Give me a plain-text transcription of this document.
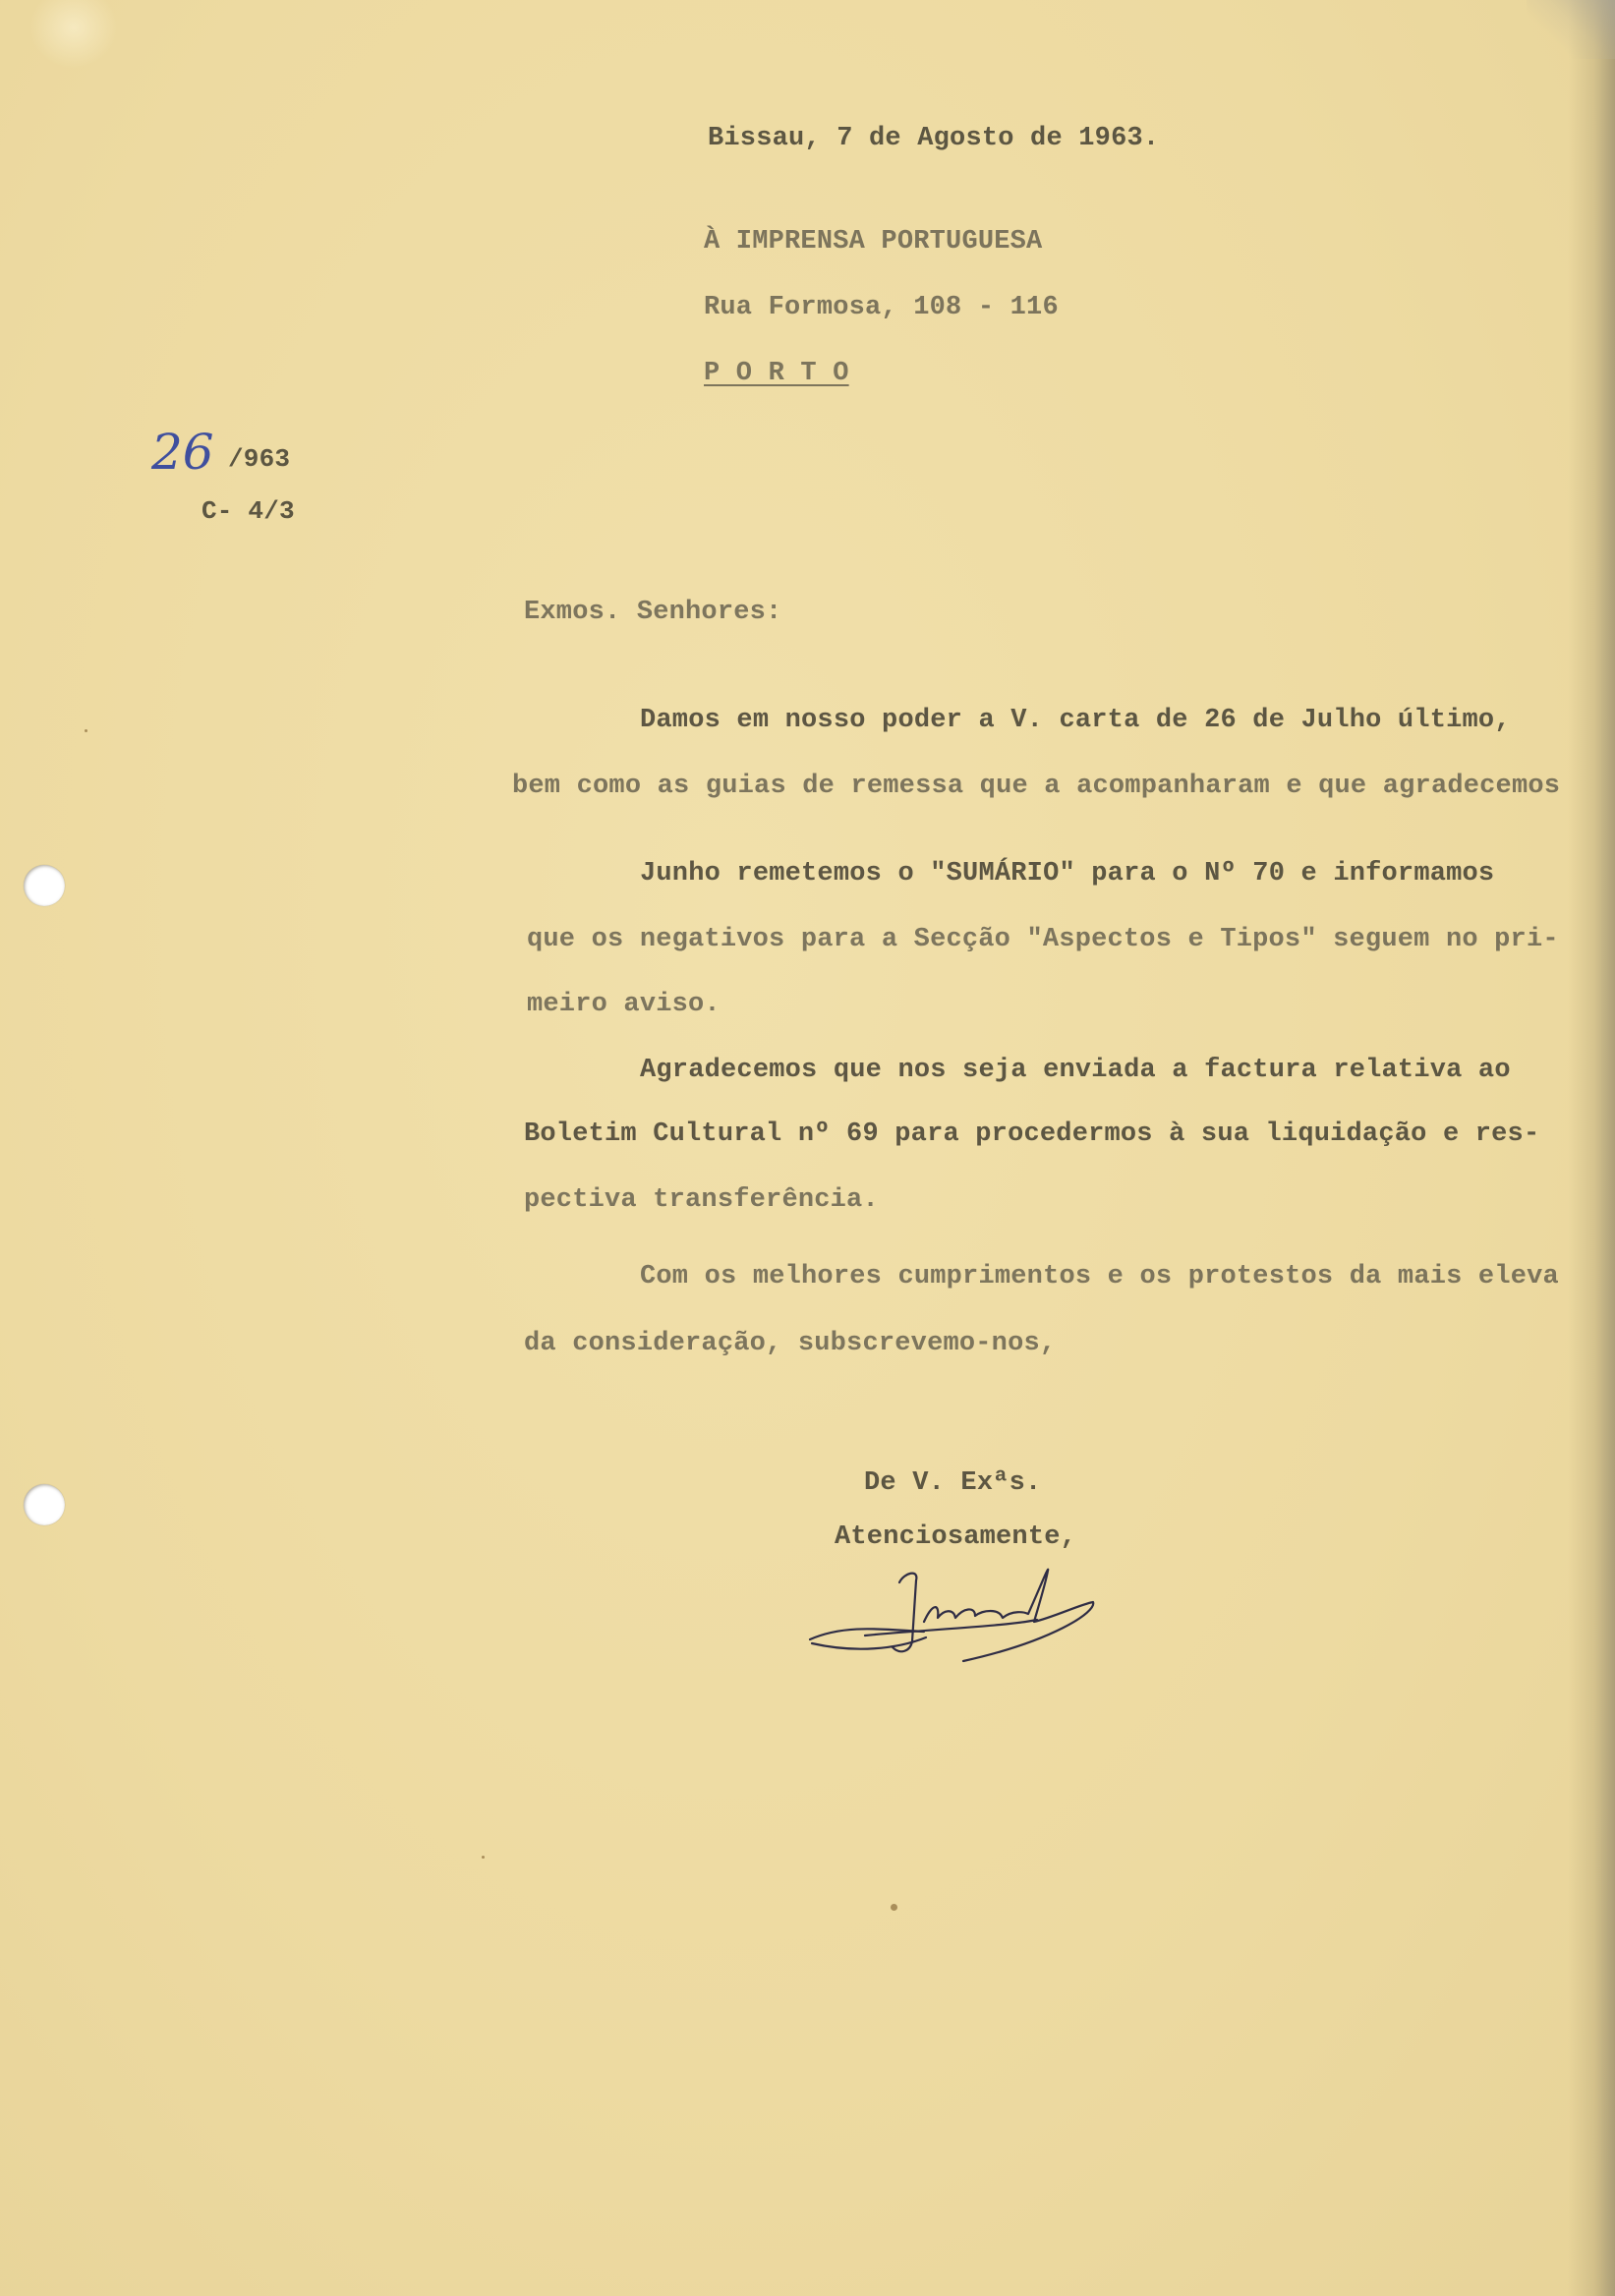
Bissau, 7 de Agosto de 1963.
À IMPRENSA PORTUGUESA
Rua Formosa, 108 - 116
P O R T O
26 /963
C- 4/3
Exmos. Senhores:
Damos em nosso poder a V. carta de 26 de Julho último,
bem como as guias de remessa que a acompanharam e que agradecemos
Junho remetemos o "SUMÁRIO" para o Nº 70 e informamos
que os negativos para a Secção "Aspectos e Tipos" seguem no pri-
meiro aviso.
Agradecemos que nos seja enviada a factura relativa ao
Boletim Cultural nº 69 para procedermos à sua liquidação e res-
pectiva transferência.
Com os melhores cumprimentos e os protestos da mais eleva
da consideração, subscrevemo-nos,
De V. Exªs.
Atenciosamente,
